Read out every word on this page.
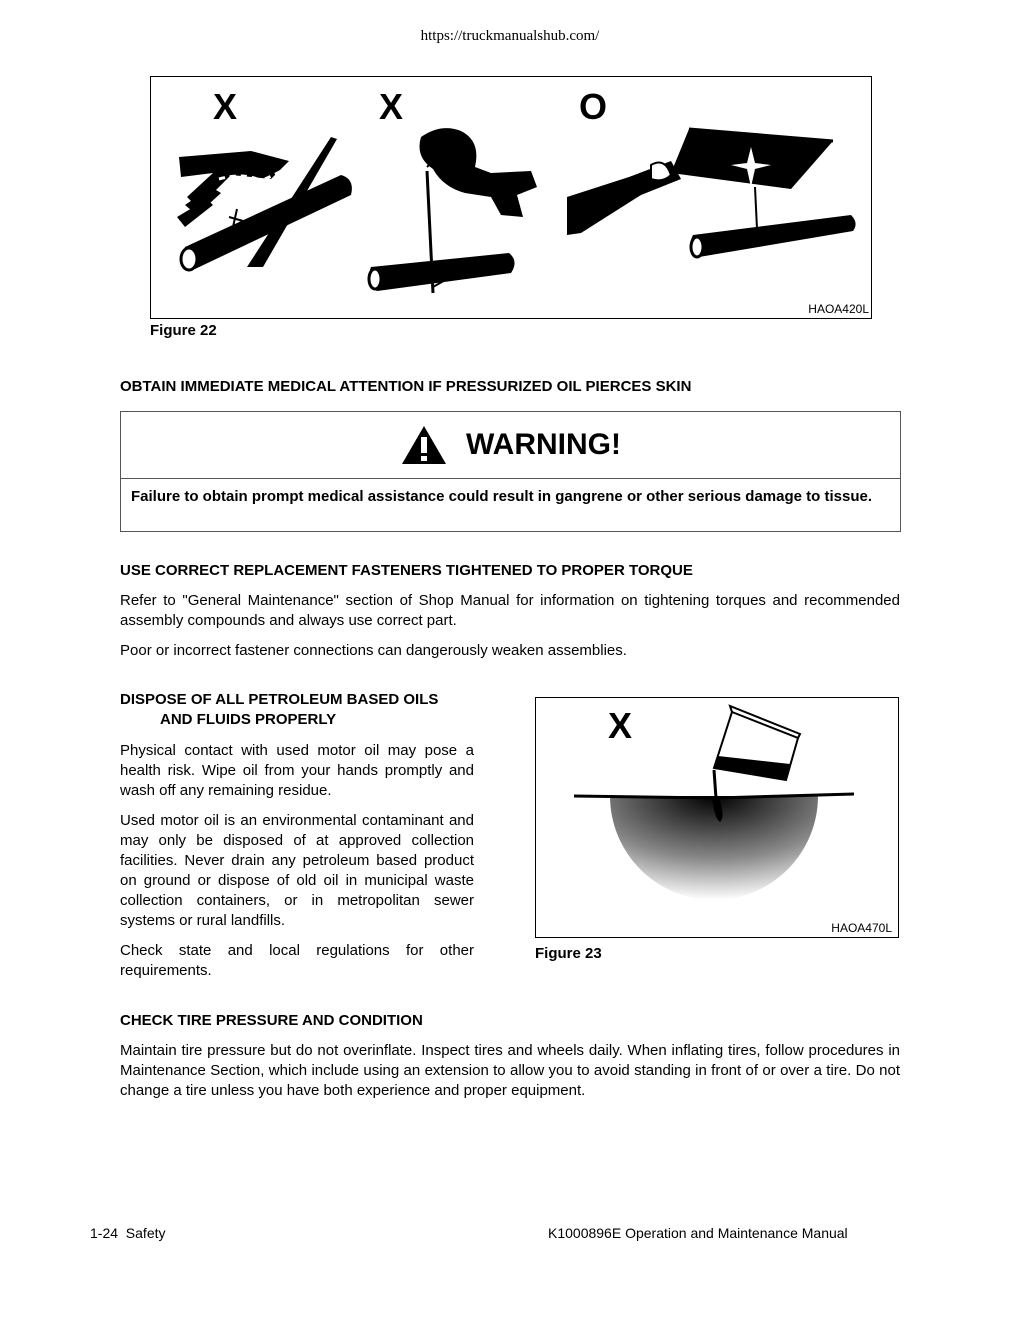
https://truckmanualshub.com/
X	X	O
HAOA420L
Figure 22
OBTAIN IMMEDIATE MEDICAL ATTENTION IF PRESSURIZED OIL PIERCES SKIN
WARNING!
Failure to obtain prompt medical assistance could result in gangrene or other serious damage to tissue.
USE CORRECT REPLACEMENT FASTENERS TIGHTENED TO PROPER TORQUE
Refer to "General Maintenance" section of Shop Manual for information on tightening torques and recommended assembly compounds and always use correct part.
Poor or incorrect fastener connections can dangerously weaken assemblies.
DISPOSE OF ALL PETROLEUM BASED OILS
AND FLUIDS PROPERLY
Physical contact with used motor oil may pose a health risk. Wipe oil from your hands promptly and wash off any remaining residue.
Used motor oil is an environmental contaminant and may only be disposed of at approved collection facilities. Never drain any petroleum based product on ground or dispose of old oil in municipal waste collection containers, or in metropolitan sewer systems or rural landfills.
Check state and local regulations for other requirements.
X
HAOA470L
Figure 23
CHECK TIRE PRESSURE AND CONDITION
Maintain tire pressure but do not overinflate. Inspect tires and wheels daily. When inflating tires, follow procedures in Maintenance Section, which include using an extension to allow you to avoid standing in front of or over a tire. Do not change a tire unless you have both experience and proper equipment.
1-24  Safety	K1000896E Operation and Maintenance Manual
